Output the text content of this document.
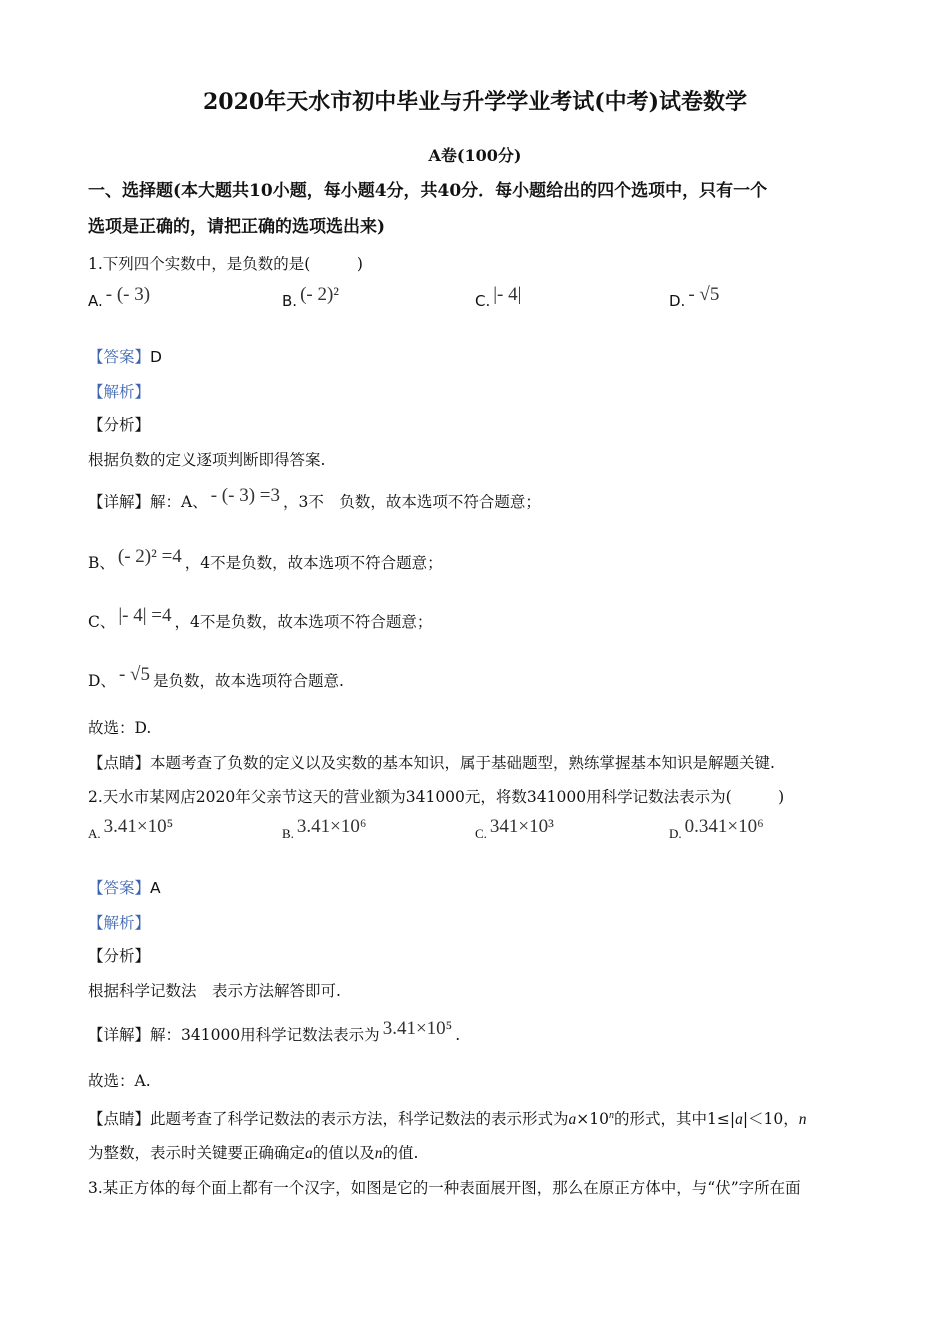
2020年天水市初中毕业与升学学业考试(中考)试卷数学
A卷(100分)
一、选择题(本大题共10小题，每小题4分，共40分．每小题给出的四个选项中，只有一个
选项是正确的，请把正确的选项选出来)
1.下列四个实数中，是负数的是(　　　)
A. - (- 3)	B. (- 2)²	C. |- 4|	D. - √5
【答案】D
【解析】
【分析】
根据负数的定义逐项判断即得答案.
【详解】解：A、 - (- 3) =3 ，3不　负数，故本选项不符合题意；
B、 (- 2)² =4 ，4不是负数，故本选项不符合题意；
C、 |- 4| =4 ，4不是负数，故本选项不符合题意；
D、 - √5 是负数，故本选项符合题意.
故选：D.
【点睛】本题考查了负数的定义以及实数的基本知识，属于基础题型，熟练掌握基本知识是解题关键.
2.天水市某网店2020年父亲节这天的营业额为341000元，将数341000用科学记数法表示为(　　　)
A. 3.41×10⁵	B. 3.41×10⁶	C. 341×10³	D. 0.341×10⁶
【答案】A
【解析】
【分析】
根据科学记数法　表示方法解答即可.
【详解】解：341000用科学记数法表示为 3.41×10⁵ .
故选：A.
【点睛】此题考查了科学记数法的表示方法，科学记数法的表示形式为$a\times 10^n$的形式，其中1≤|a|＜10，n
为整数，表示时关键要正确确定a的值以及n的值.
3.某正方体的每个面上都有一个汉字，如图是它的一种表面展开图，那么在原正方体中，与“伏”字所在面
